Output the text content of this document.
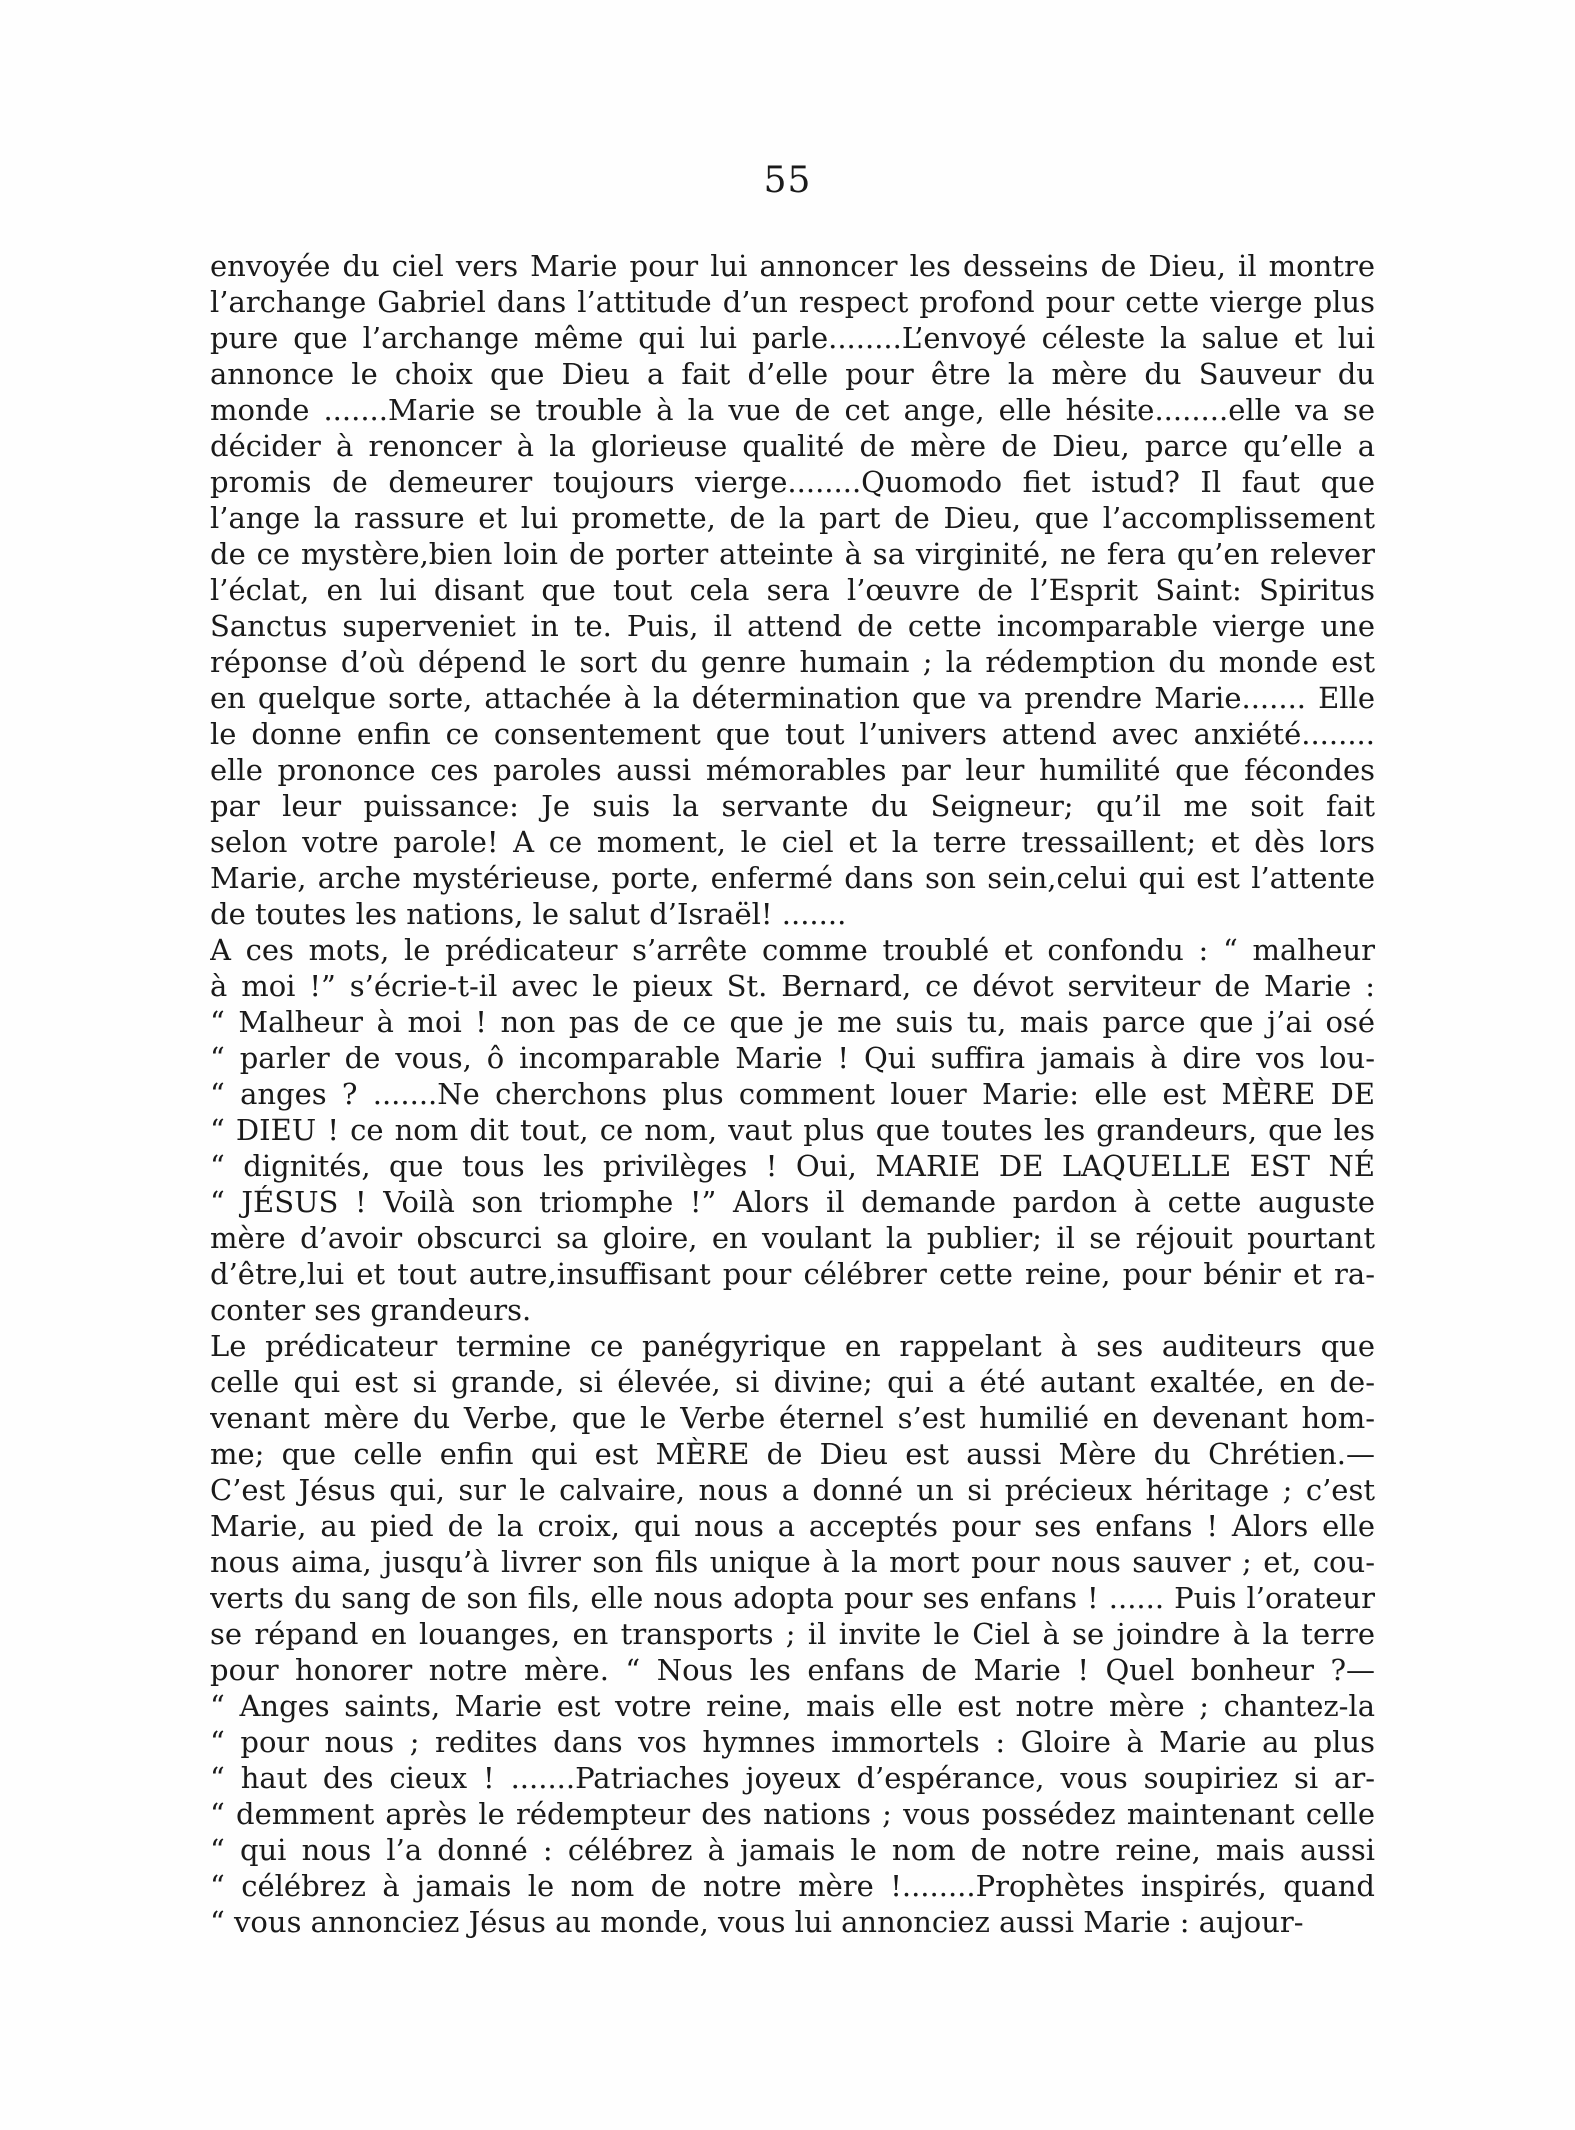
55
envoyée du ciel vers Marie pour lui annoncer les desseins de Dieu, il montre
l’archange Gabriel dans l’attitude d’un respect profond pour cette vierge plus
pure que l’archange même qui lui parle........L’envoyé céleste la salue et lui
annonce le choix que Dieu a fait d’elle pour être la mère du Sauveur du
monde .......Marie se trouble à la vue de cet ange, elle hésite........elle va se
décider à renoncer à la glorieuse qualité de mère de Dieu, parce qu’elle a
promis de demeurer toujours vierge........Quomodo fiet istud? Il faut que
l’ange la rassure et lui promette, de la part de Dieu, que l’accomplissement
de ce mystère,bien loin de porter atteinte à sa virginité, ne fera qu’en relever
l’éclat, en lui disant que tout cela sera l’œuvre de l’Esprit Saint: Spiritus
Sanctus superveniet in te. Puis, il attend de cette incomparable vierge une
réponse d’où dépend le sort du genre humain ; la rédemption du monde est
en quelque sorte, attachée à la détermination que va prendre Marie....... Elle
le donne enfin ce consentement que tout l’univers attend avec anxiété........
elle prononce ces paroles aussi mémorables par leur humilité que fécondes
par leur puissance: Je suis la servante du Seigneur; qu’il me soit fait
selon votre parole! A ce moment, le ciel et la terre tressaillent; et dès lors
Marie, arche mystérieuse, porte, enfermé dans son sein,celui qui est l’attente
de toutes les nations, le salut d’Israël! .......
A ces mots, le prédicateur s’arrête comme troublé et confondu : “ malheur
à moi !” s’écrie-t-il avec le pieux St. Bernard, ce dévot serviteur de Marie :
“ Malheur à moi ! non pas de ce que je me suis tu, mais parce que j’ai osé
“ parler de vous, ô incomparable Marie ! Qui suffira jamais à dire vos lou-
“ anges ? .......Ne cherchons plus comment louer Marie: elle est MÈRE DE
“ DIEU ! ce nom dit tout, ce nom, vaut plus que toutes les grandeurs, que les
“ dignités, que tous les privilèges ! Oui, MARIE DE LAQUELLE EST NÉ
“ JÉSUS ! Voilà son triomphe !” Alors il demande pardon à cette auguste
mère d’avoir obscurci sa gloire, en voulant la publier; il se réjouit pourtant
d’être,lui et tout autre,insuffisant pour célébrer cette reine, pour bénir et ra-
conter ses grandeurs.
Le prédicateur termine ce panégyrique en rappelant à ses auditeurs que
celle qui est si grande, si élevée, si divine; qui a été autant exaltée, en de-
venant mère du Verbe, que le Verbe éternel s’est humilié en devenant hom-
me; que celle enfin qui est MÈRE de Dieu est aussi Mère du Chrétien.—
C’est Jésus qui, sur le calvaire, nous a donné un si précieux héritage ; c’est
Marie, au pied de la croix, qui nous a acceptés pour ses enfans ! Alors elle
nous aima, jusqu’à livrer son fils unique à la mort pour nous sauver ; et, cou-
verts du sang de son fils, elle nous adopta pour ses enfans ! ...... Puis l’orateur
se répand en louanges, en transports ; il invite le Ciel à se joindre à la terre
pour honorer notre mère. “ Nous les enfans de Marie ! Quel bonheur ?—
“ Anges saints, Marie est votre reine, mais elle est notre mère ; chantez-la
“ pour nous ; redites dans vos hymnes immortels : Gloire à Marie au plus
“ haut des cieux ! .......Patriaches joyeux d’espérance, vous soupiriez si ar-
“ demment après le rédempteur des nations ; vous possédez maintenant celle
“ qui nous l’a donné : célébrez à jamais le nom de notre reine, mais aussi
“ célébrez à jamais le nom de notre mère !........Prophètes inspirés, quand
“ vous annonciez Jésus au monde, vous lui annonciez aussi Marie : aujour-
